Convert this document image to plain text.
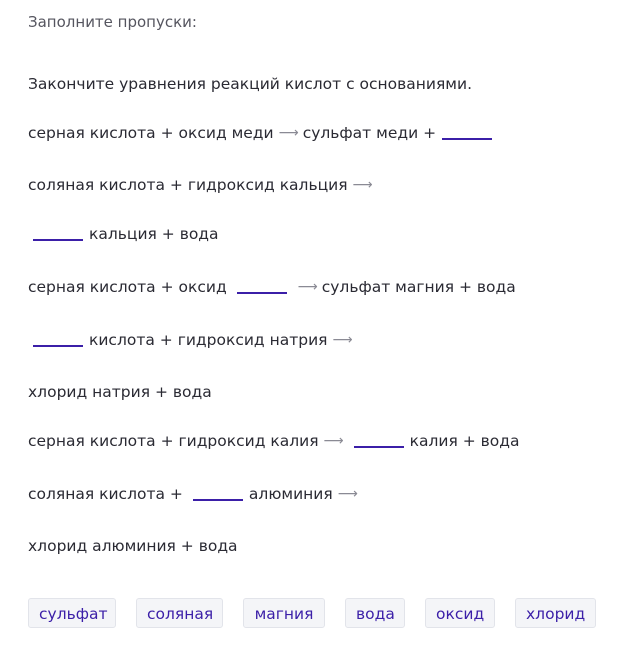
Заполните пропуски:
Закончите уравнения реакций кислот с основаниями.
серная кислота + оксид меди ⟶ сульфат меди +
соляная кислота + гидроксид кальция ⟶
кальция + вода
серная кислота + оксид	⟶ сульфат магния + вода
кислота + гидроксид натрия ⟶
хлорид натрия + вода
серная кислота + гидроксид калия ⟶	калия + вода
соляная кислота +	алюминия ⟶
хлорид алюминия + вода
сульфат	соляная	магния	вода	оксид	хлорид
